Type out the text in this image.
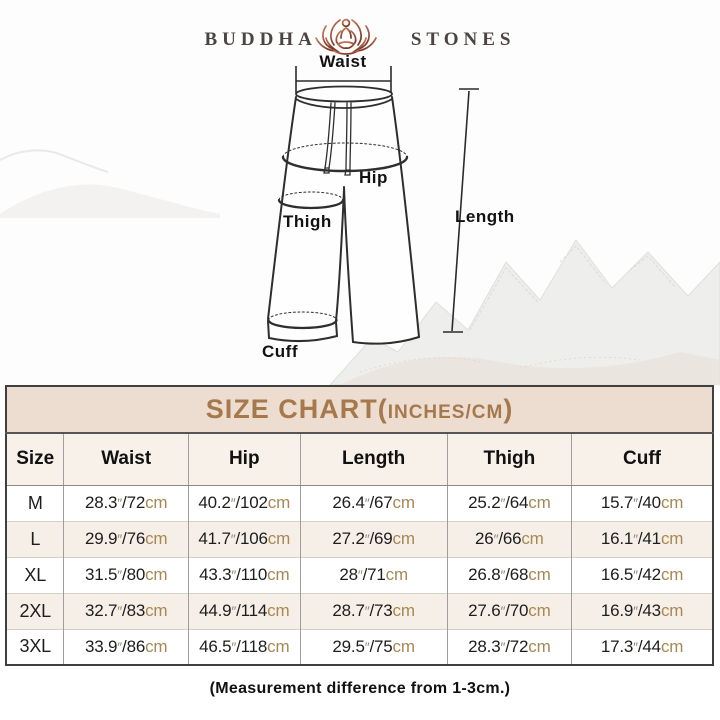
BUDDHA	STONES
Waist
Hip
Thigh	Length
Cuff
SIZE CHART(INCHES/CM)					
Size	Waist	Hip	Length	Thigh	Cuff
M	28.3″/72cm	40.2″/102cm	26.4″/67cm	25.2″/64cm	15.7″/40cm
L	29.9″/76cm	41.7″/106cm	27.2″/69cm	26″/66cm	16.1″/41cm
XL	31.5″/80cm	43.3″/110cm	28″/71cm	26.8″/68cm	16.5″/42cm
2XL	32.7″/83cm	44.9″/114cm	28.7″/73cm	27.6″/70cm	16.9″/43cm
3XL	33.9″/86cm	46.5″/118cm	29.5″/75cm	28.3″/72cm	17.3″/44cm
(Measurement difference from 1-3cm.)
